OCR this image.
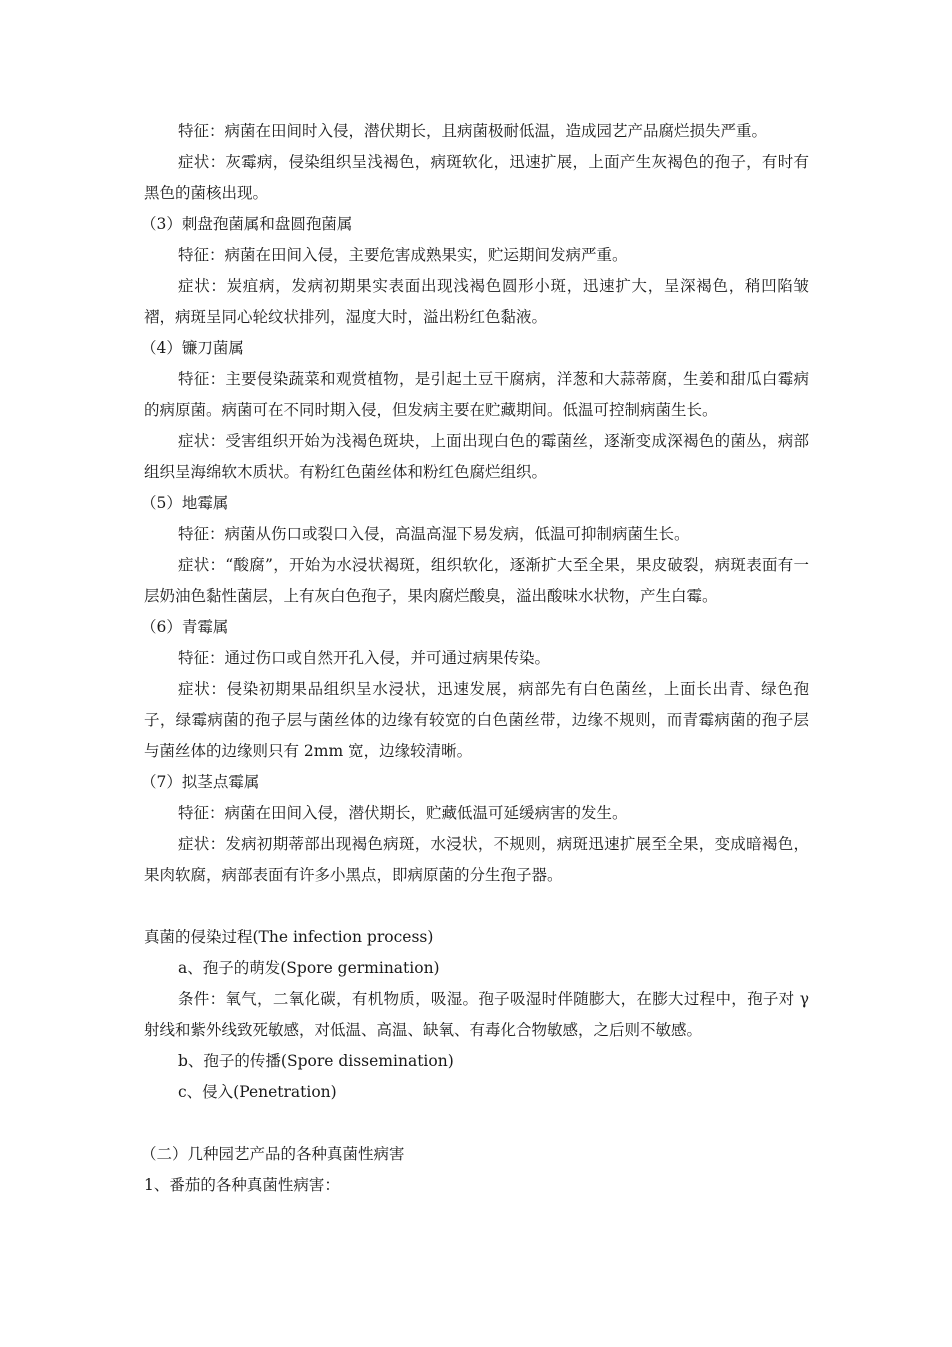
特征：病菌在田间时入侵，潜伏期长，且病菌极耐低温，造成园艺产品腐烂损失严重。

症状：灰霉病，侵染组织呈浅褐色，病斑软化，迅速扩展，上面产生灰褐色的孢子，有时有黑色的菌核出现。

（3）刺盘孢菌属和盘圆孢菌属

特征：病菌在田间入侵，主要危害成熟果实，贮运期间发病严重。

症状：炭疽病，发病初期果实表面出现浅褐色圆形小斑，迅速扩大，呈深褐色，稍凹陷皱褶，病斑呈同心轮纹状排列，湿度大时，溢出粉红色黏液。

（4）镰刀菌属

特征：主要侵染蔬菜和观赏植物，是引起土豆干腐病，洋葱和大蒜蒂腐，生姜和甜瓜白霉病的病原菌。病菌可在不同时期入侵，但发病主要在贮藏期间。低温可控制病菌生长。

症状：受害组织开始为浅褐色斑块，上面出现白色的霉菌丝，逐渐变成深褐色的菌丛，病部组织呈海绵软木质状。有粉红色菌丝体和粉红色腐烂组织。

（5）地霉属

特征：病菌从伤口或裂口入侵，高温高湿下易发病，低温可抑制病菌生长。

症状：“酸腐”，开始为水浸状褐斑，组织软化，逐渐扩大至全果，果皮破裂，病斑表面有一层奶油色黏性菌层，上有灰白色孢子，果肉腐烂酸臭，溢出酸味水状物，产生白霉。

（6）青霉属

特征：通过伤口或自然开孔入侵，并可通过病果传染。

症状：侵染初期果品组织呈水浸状，迅速发展，病部先有白色菌丝，上面长出青、绿色孢子，绿霉病菌的孢子层与菌丝体的边缘有较宽的白色菌丝带，边缘不规则，而青霉病菌的孢子层与菌丝体的边缘则只有 2mm 宽，边缘较清晰。

（7）拟茎点霉属

特征：病菌在田间入侵，潜伏期长，贮藏低温可延缓病害的发生。

症状：发病初期蒂部出现褐色病斑，水浸状，不规则，病斑迅速扩展至全果，变成暗褐色，果肉软腐，病部表面有许多小黑点，即病原菌的分生孢子器。

真菌的侵染过程(The infection process)

a、孢子的萌发(Spore germination)

条件：氧气，二氧化碳，有机物质，吸湿。孢子吸湿时伴随膨大，在膨大过程中，孢子对 γ 射线和紫外线致死敏感，对低温、高温、缺氧、有毒化合物敏感，之后则不敏感。

b、孢子的传播(Spore dissemination)

c、侵入(Penetration)

（二）几种园艺产品的各种真菌性病害

1、番茄的各种真菌性病害：
